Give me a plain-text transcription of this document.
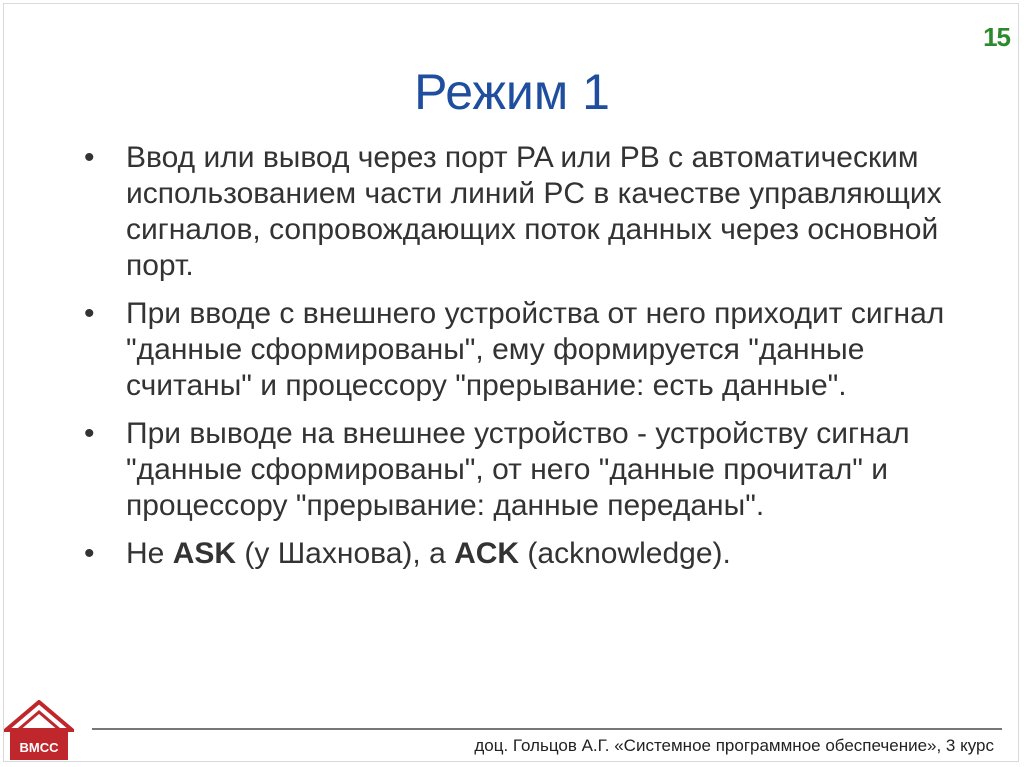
15
Режим 1
•	Ввод или вывод через порт PA или PB с автоматическим использованием части линий PC в качестве управляющих сигналов, сопровождающих поток данных через основной порт.
•	При вводе с внешнего устройства от него приходит сигнал "данные сформированы", ему формируется "данные считаны" и процессору "прерывание: есть данные".
•	При выводе на внешнее устройство - устройству сигнал "данные сформированы", от него "данные прочитал" и процессору "прерывание: данные переданы".
•	Не ASK (у Шахнова), а ACK (acknowledge).
ВМСС	доц. Гольцов А.Г. «Системное программное обеспечение», 3 курс
